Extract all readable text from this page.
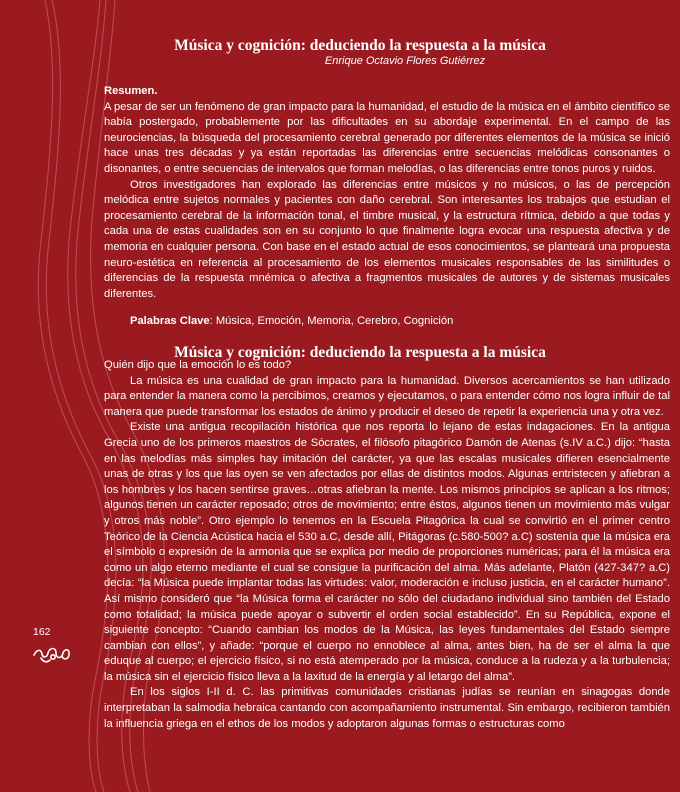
Música y cognición: deduciendo la respuesta a la música
Enrique Octavio Flores Gutiérrez

Resumen.

A pesar de ser un fenómeno de gran impacto para la humanidad, el estudio de la música en el ámbito científico se había postergado, probablemente por las dificultades en su abordaje experimental. En el campo de las neurociencias, la búsqueda del procesamiento cerebral generado por diferentes elementos de la música se inició hace unas tres décadas y ya están reportadas las diferencias entre secuencias melódicas consonantes o disonantes, o entre secuencias de intervalos que forman melodías, o las diferencias entre tonos puros y ruidos.

Otros investigadores han explorado las diferencias entre músicos y no músicos, o las de percepción melódica entre sujetos normales y pacientes con daño cerebral. Son interesantes los trabajos que estudian el procesamiento cerebral de la información tonal, el timbre musical, y la estructura rítmica, debido a que todas y cada una de estas cualidades son en su conjunto lo que finalmente logra evocar una respuesta afectiva y de memoria en cualquier persona. Con base en el estado actual de esos conocimientos, se planteará una propuesta neuro-estética en referencia al procesamiento de los elementos musicales responsables de las similitudes o diferencias de la respuesta mnémica o afectiva a fragmentos musicales de autores y de sistemas musicales diferentes.

Palabras Clave: Música, Emoción, Memoria, Cerebro, Cognición
Música y cognición: deduciendo la respuesta a la música

Quién dijo que la emoción lo es todo?

La música es una cualidad de gran impacto para la humanidad. Diversos acercamientos se han utilizado para entender la manera como la percibimos, creamos y ejecutamos, o para entender cómo nos logra influir de tal manera que puede transformar los estados de ánimo y producir el deseo de repetir la experiencia una y otra vez.

Existe una antigua recopilación histórica que nos reporta lo lejano de estas indagaciones. En la antigua Grecia uno de los primeros maestros de Sócrates, el filósofo pitagórico Damón de Atenas (s.IV a.C.) dijo: “hasta en las melodías más simples hay imitación del carácter, ya que las escalas musicales difieren esencialmente unas de otras y los que las oyen se ven afectados por ellas de distintos modos. Algunas entristecen y afiebran a los hombres y los hacen sentirse graves…otras afiebran la mente. Los mismos principios se aplican a los ritmos; algunos tienen un carácter reposado; otros de movimiento; entre éstos, algunos tienen un movimiento más vulgar y otros más noble”. Otro ejemplo lo tenemos en la Escuela Pitagórica la cual se convirtió en el primer centro Teórico de la Ciencia Acústica hacia el 530 a.C, desde allí, Pitágoras (c.580-500? a.C) sostenía que la música era el símbolo o expresión de la armonía que se explica por medio de proporciones numéricas; para él la música era como un algo eterno mediante el cual se consigue la purificación del alma. Más adelante, Platón (427-347? a.C) decía: “la Música puede implantar todas las virtudes: valor, moderación e incluso justicia, en el carácter humano”. Así mismo consideró que “la Música forma el carácter no sólo del ciudadano individual sino también del Estado como totalidad; la música puede apoyar o subvertir el orden social establecido”. En su República, expone el siguiente concepto: “Cuando cambian los modos de la Música, las leyes fundamentales del Estado siempre cambian con ellos”, y añade: “porque el cuerpo no ennoblece al alma, antes bien, ha de ser el alma la que eduque al cuerpo; el ejercicio físico, si no está atemperado por la música, conduce a la rudeza y a la turbulencia; la música sin el ejercicio físico lleva a la laxitud de la energía y al letargo del alma”.

En los siglos I-II d. C. las primitivas comunidades cristianas judías se reunían en sinagogas donde interpretaban la salmodia hebraica cantando con acompañamiento instrumental. Sin embargo, recibieron también la influencia griega en el ethos de los modos y adoptaron algunas formas o estructuras como

162
